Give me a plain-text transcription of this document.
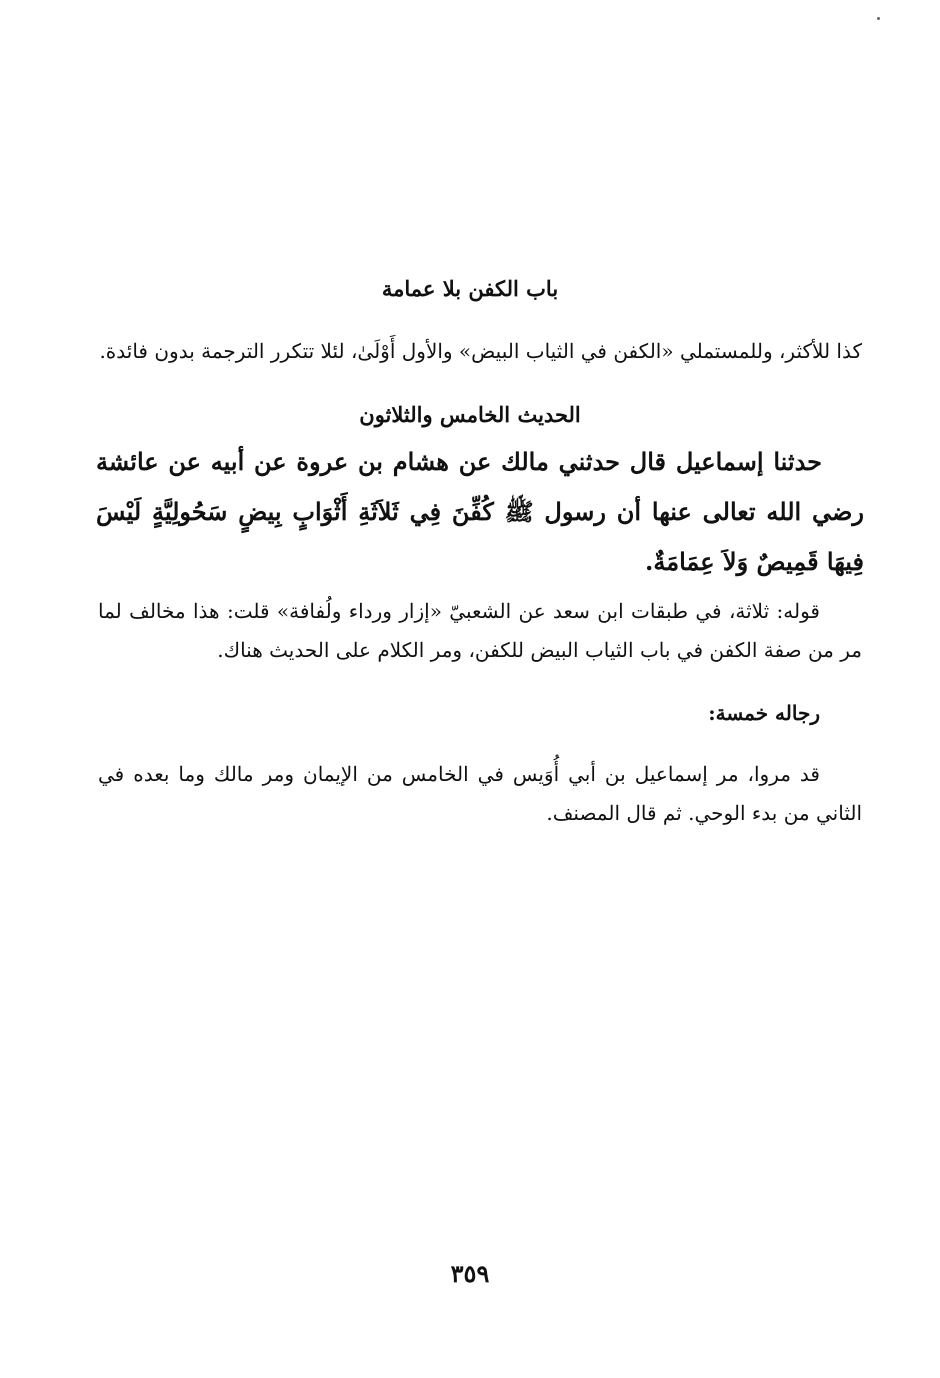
باب الكفن بلا عمامة
كذا للأكثر، وللمستملي «الكفن في الثياب البيض» والأول أَوْلَىٰ، لئلا تتكرر الترجمة بدون فائدة.
الحديث الخامس والثلاثون
حدثنا إسماعيل قال حدثني مالك عن هشام بن عروة عن أبيه عن عائشة رضي الله تعالى عنها أن رسول ﷺ كُفِّنَ فِي ثَلاَثَةِ أَثْوَابٍ بِيضٍ سَحُولِيَّةٍ لَيْسَ فِيهَا قَمِيصٌ وَلاَ عِمَامَةٌ.
قوله: ثلاثة، في طبقات ابن سعد عن الشعبيّ «إزار ورداء ولُفافة» قلت: هذا مخالف لما مر من صفة الكفن في باب الثياب البيض للكفن، ومر الكلام على الحديث هناك.
رجاله خمسة:
قد مروا، مر إسماعيل بن أبي أُوَيس في الخامس من الإيمان ومر مالك وما بعده في الثاني من بدء الوحي. ثم قال المصنف.
٣٥٩
